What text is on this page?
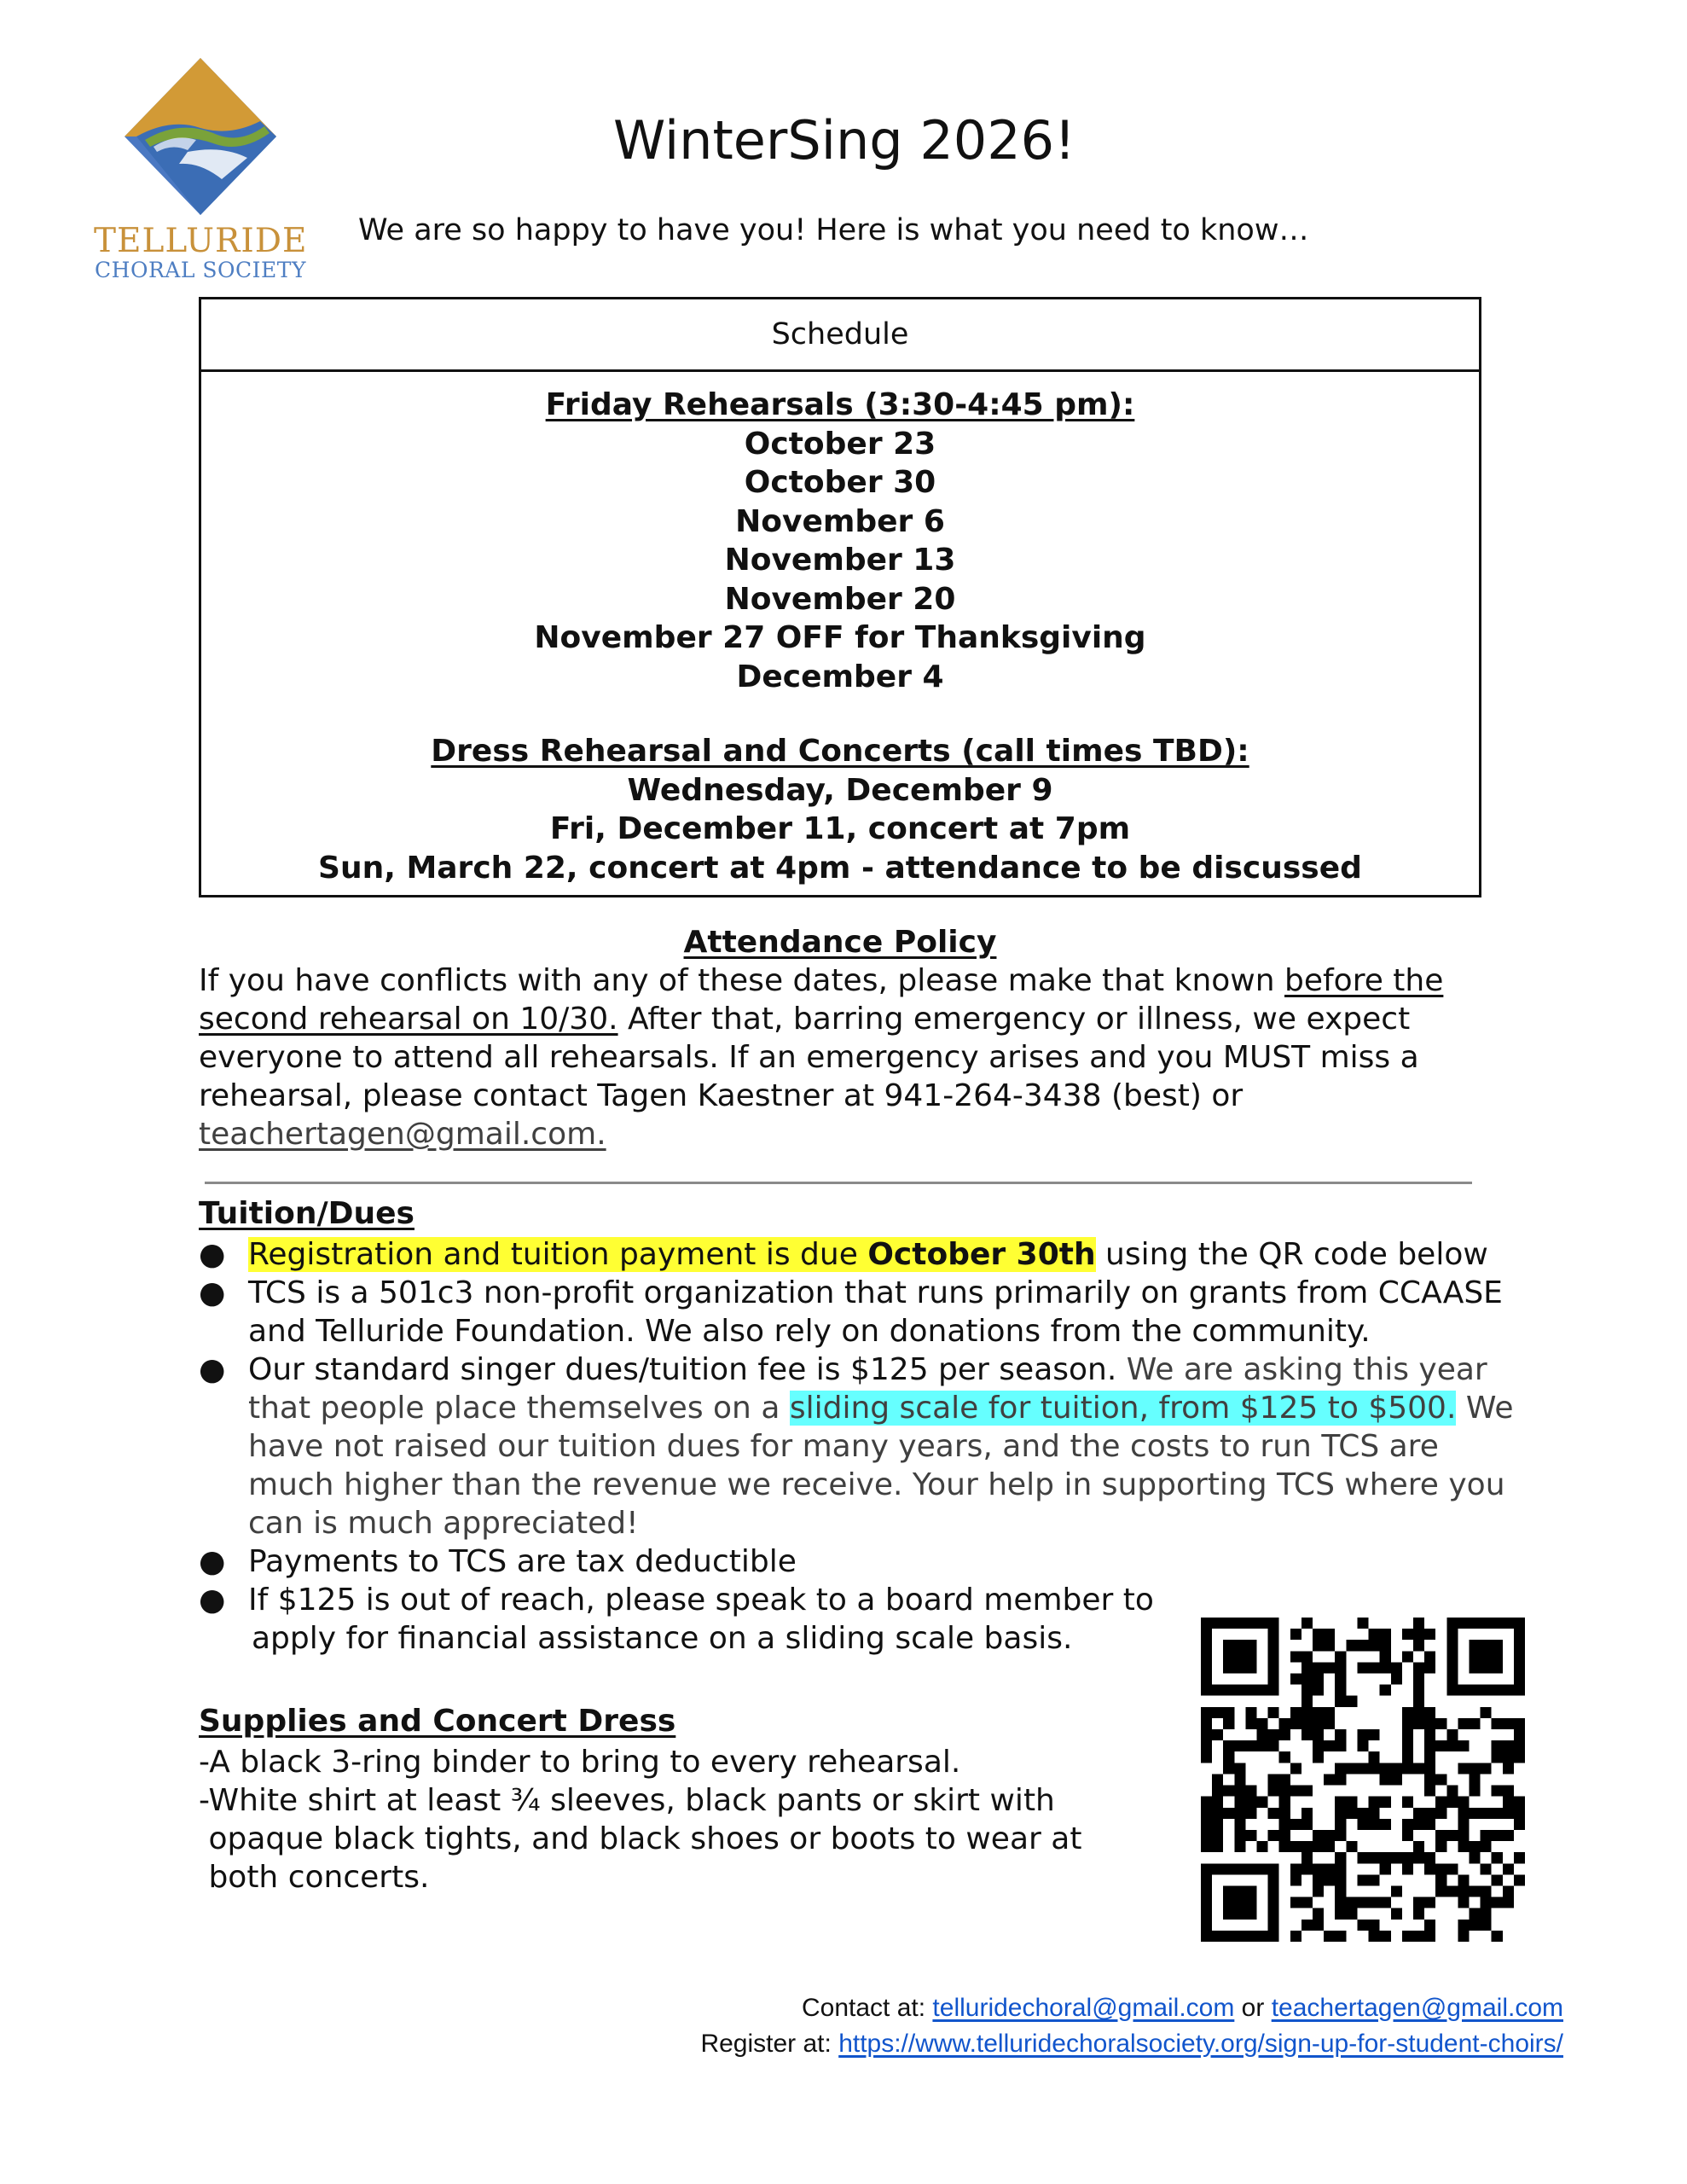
TELLURIDE
CHORAL SOCIETY
WinterSing 2026!
We are so happy to have you! Here is what you need to know…
Schedule
Friday Rehearsals (3:30-4:45 pm):
October 23
October 30
November 6
November 13
November 20
November 27 OFF for Thanksgiving
December 4
Dress Rehearsal and Concerts (call times TBD):
Wednesday, December 9
Fri, December 11, concert at 7pm
Sun, March 22, concert at 4pm - attendance to be discussed
Attendance Policy
If you have conflicts with any of these dates, please make that known before the
second rehearsal on 10/30. After that, barring emergency or illness, we expect
everyone to attend all rehearsals. If an emergency arises and you MUST miss a
rehearsal, please contact Tagen Kaestner at 941-264-3438 (best) or
teachertagen@gmail.com.
Tuition/Dues
● Registration and tuition payment is due October 30th using the QR code below
● TCS is a 501c3 non-profit organization that runs primarily on grants from CCAASE
and Telluride Foundation. We also rely on donations from the community.
● Our standard singer dues/tuition fee is $125 per season. We are asking this year
that people place themselves on a sliding scale for tuition, from $125 to $500. We
have not raised our tuition dues for many years, and the costs to run TCS are
much higher than the revenue we receive. Your help in supporting TCS where you
can is much appreciated!
● Payments to TCS are tax deductible
● If $125 is out of reach, please speak to a board member to
apply for financial assistance on a sliding scale basis.
Supplies and Concert Dress
-A black 3-ring binder to bring to every rehearsal.
-White shirt at least ¾ sleeves, black pants or skirt with
opaque black tights, and black shoes or boots to wear at
both concerts.
Contact at: telluridechoral@gmail.com or teachertagen@gmail.com
Register at: https://www.telluridechoralsociety.org/sign-up-for-student-choirs/
